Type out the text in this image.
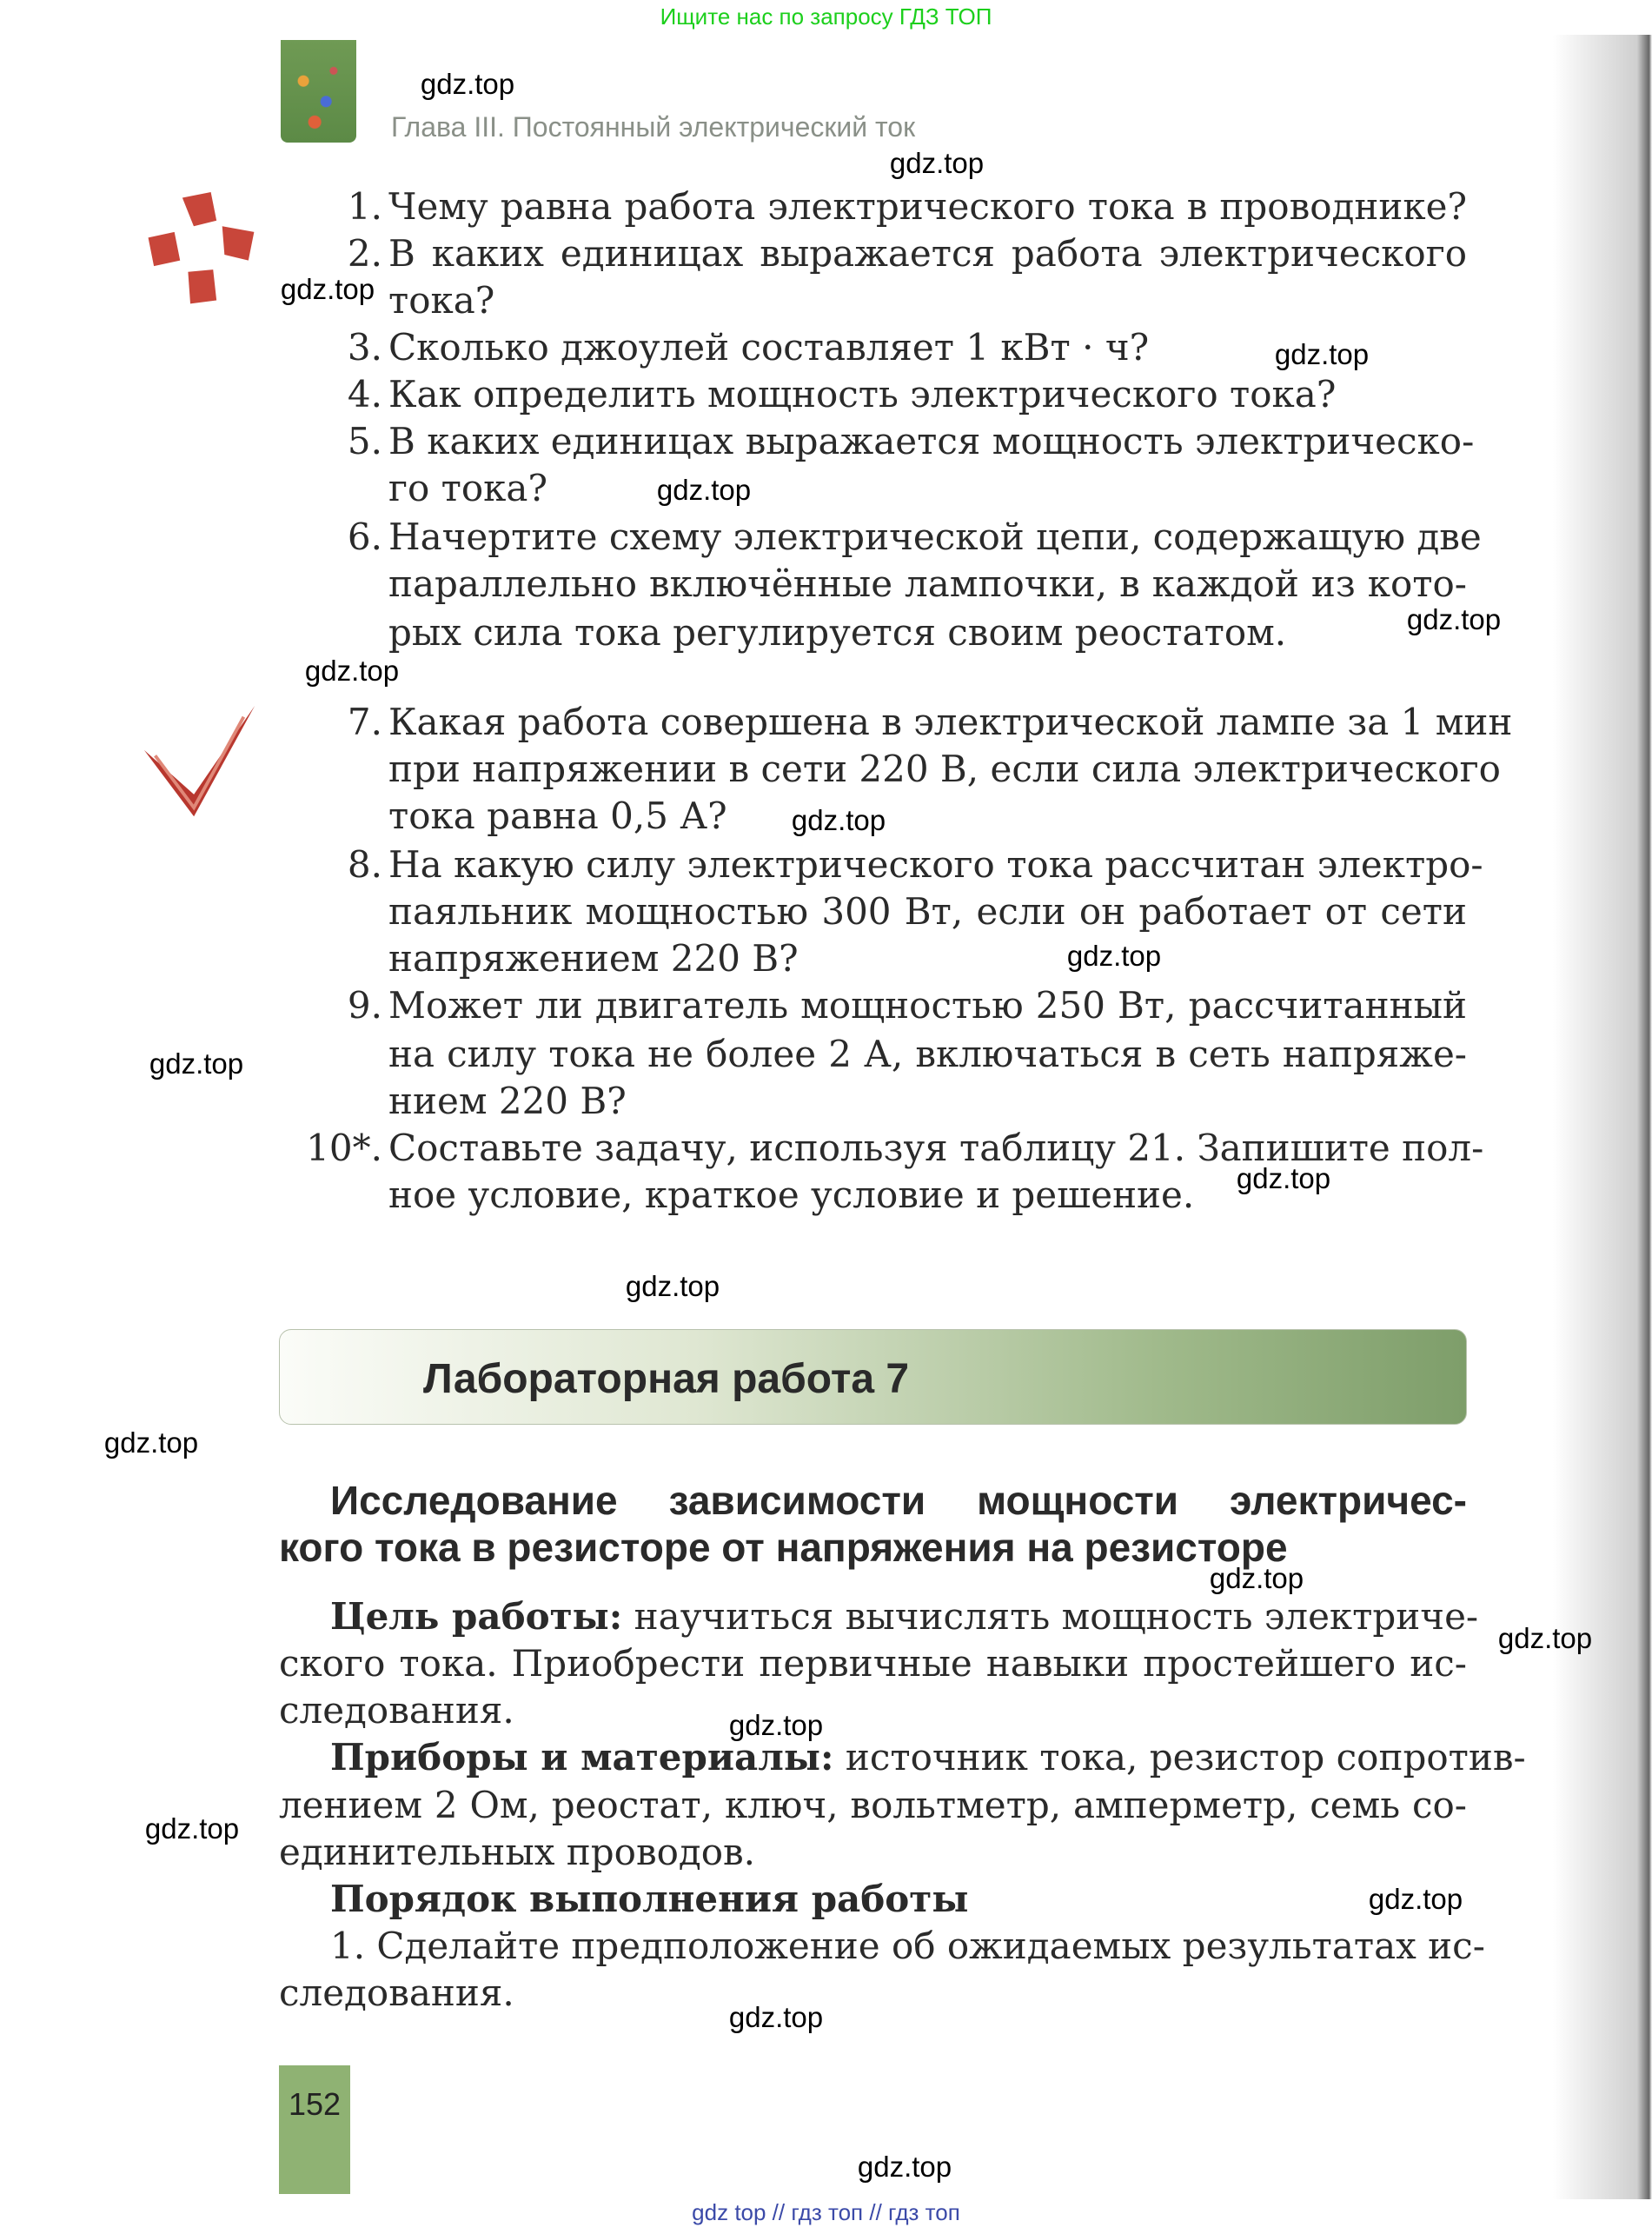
Ищите нас по запросу ГДЗ ТОП
Глава III. Постоянный электрический ток
1. Чему равна работа электрического тока в проводнике?
2. В каких единицах выражается работа электрического
тока?
3. Сколько джоулей составляет 1 кВт · ч?
4. Как определить мощность электрического тока?
5. В каких единицах выражается мощность электрическо-
го тока?
6. Начертите схему электрической цепи, содержащую две
параллельно включённые лампочки, в каждой из кото-
рых сила тока регулируется своим реостатом.
7. Какая работа совершена в электрической лампе за 1 мин
при напряжении в сети 220 В, если сила электрического
тока равна 0,5 А?
8. На какую силу электрического тока рассчитан электро-
паяльник мощностью 300 Вт, если он работает от сети
напряжением 220 В?
9. Может ли двигатель мощностью 250 Вт, рассчитанный
на силу тока не более 2 А, включаться в сеть напряже-
нием 220 В?
10*. Составьте задачу, используя таблицу 21. Запишите пол-
ное условие, краткое условие и решение.
Лабораторная работа 7
Исследование зависимости мощности электричес-
кого тока в резисторе от напряжения на резисторе
Цель работы: научиться вычислять мощность электриче-
ского тока. Приобрести первичные навыки простейшего ис-
следования.
Приборы и материалы: источник тока, резистор сопротив-
лением 2 Ом, реостат, ключ, вольтметр, амперметр, семь со-
единительных проводов.
Порядок выполнения работы
1. Сделайте предположение об ожидаемых результатах ис-
следования.
152
gdz.top
gdz.top
gdz.top
gdz.top
gdz.top
gdz.top
gdz.top
gdz.top
gdz.top
gdz.top
gdz.top
gdz.top
gdz.top
gdz.top
gdz.top
gdz.top
gdz.top
gdz.top
gdz.top
gdz.top
gdz top // гдз топ // гдз топ
